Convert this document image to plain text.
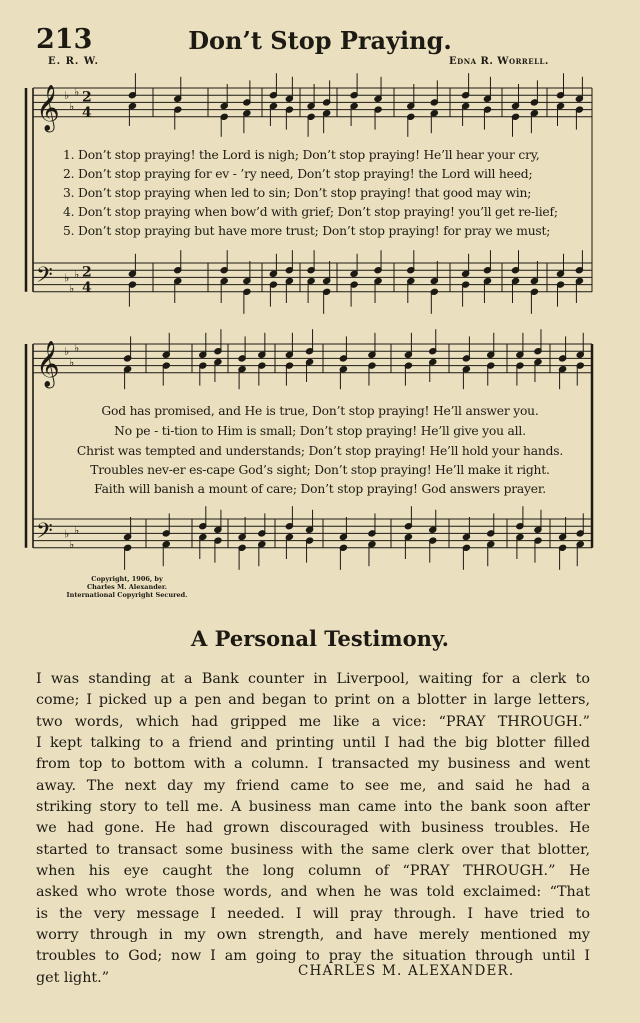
213	Don’t Stop Praying.
E. R. W.	Edna R. Worrell.
𝄞 ♭
♭
♭ 2
4
𝄢 ♭
♭
♭ 2
4
𝄞 ♭
♭
♭
𝄢 ♭
♭
♭
1. Don’t stop praying! the Lord is nigh; Don’t stop praying! He’ll hear your cry,
2. Don’t stop praying for ev - ’ry need, Don’t stop praying! the Lord will heed;
3. Don’t stop praying when led to sin; Don’t stop praying! that good may win;
4. Don’t stop praying when bow’d with grief; Don’t stop praying! you’ll get re-lief;
5. Don’t stop praying but have more trust; Don’t stop praying! for pray we must;
God has promised, and He is true, Don’t stop praying! He’ll answer you.
No pe - ti-tion to Him is small; Don’t stop praying! He’ll give you all.
Christ was tempted and understands; Don’t stop praying! He’ll hold your hands.
Troubles nev-er es-cape God’s sight; Don’t stop praying! He’ll make it right.
Faith will banish a mount of care; Don’t stop praying! God answers prayer.
Copyright, 1906, by
Charles M. Alexander.
International Copyright Secured.
A Personal Testimony.
I was standing at a Bank counter in Liverpool, waiting for a clerk to
come; I picked up a pen and began to print on a blotter in large letters,
two words, which had gripped me like a vice: “PRAY THROUGH.”
I kept talking to a friend and printing until I had the big blotter filled
from top to bottom with a column. I transacted my business and went
away. The next day my friend came to see me, and said he had a
striking story to tell me. A business man came into the bank soon after
we had gone. He had grown discouraged with business troubles. He
started to transact some business with the same clerk over that blotter,
when his eye caught the long column of “PRAY THROUGH.” He
asked who wrote those words, and when he was told exclaimed: “That
is the very message I needed. I will pray through. I have tried to
worry through in my own strength, and have merely mentioned my
troubles to God; now I am going to pray the situation through until I
get light.”	CHARLES M. ALEXANDER.
